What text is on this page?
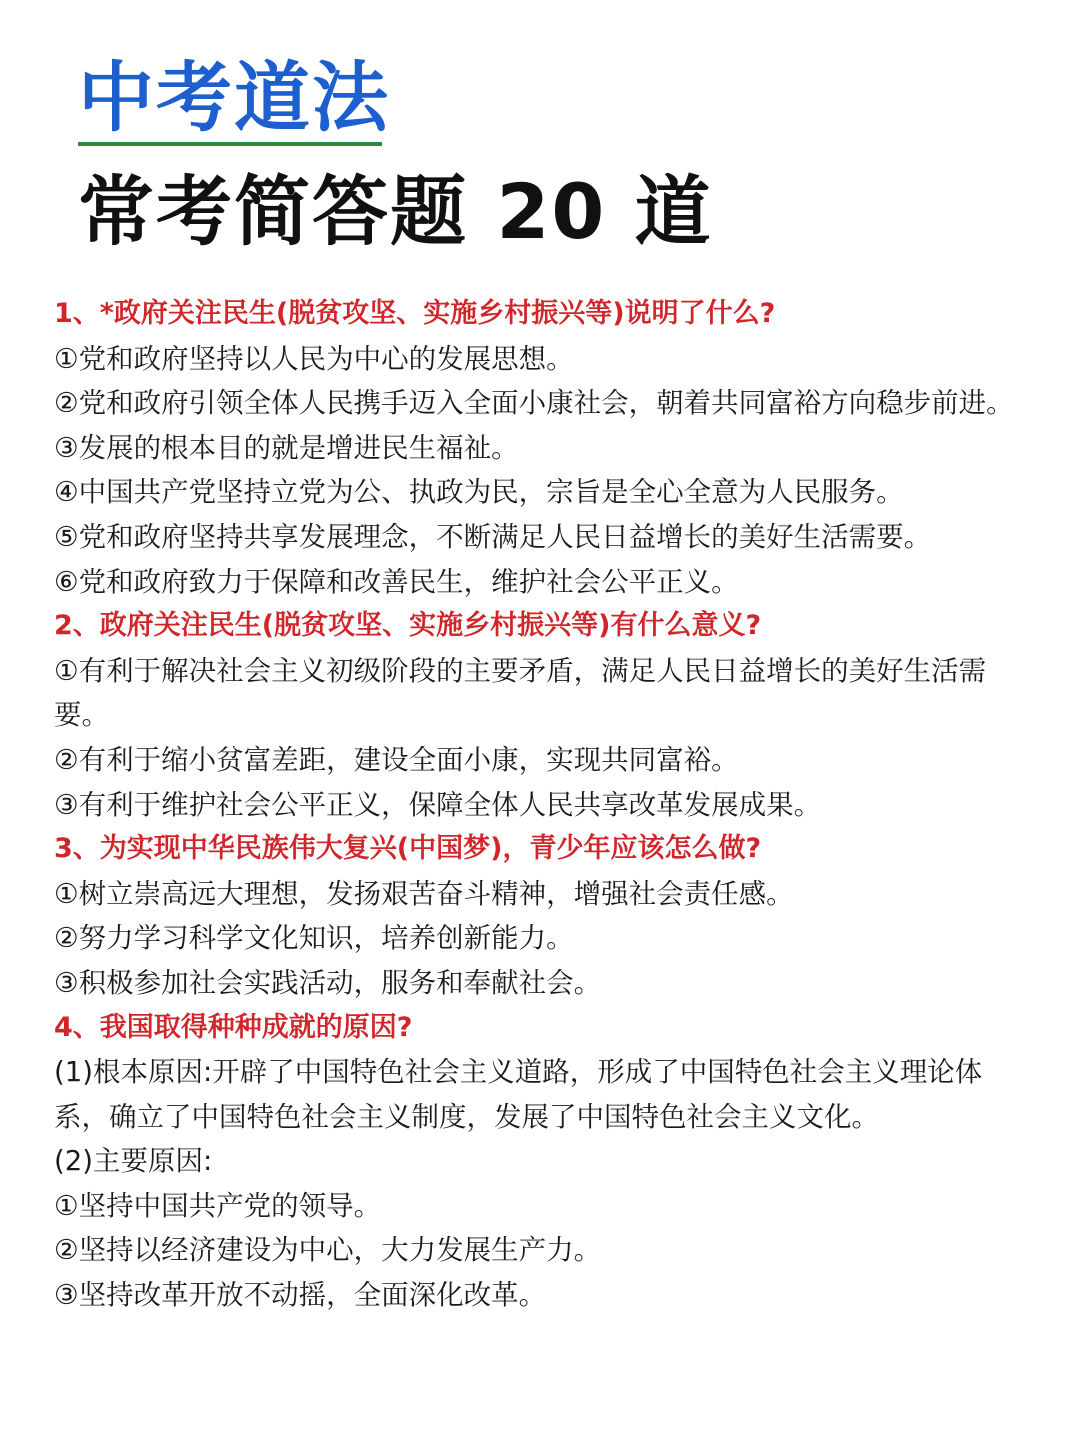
中考道法
常考简答题 20 道
1、*政府关注民生(脱贫攻坚、实施乡村振兴等)说明了什么?

①党和政府坚持以人民为中心的发展思想。

②党和政府引领全体人民携手迈入全面小康社会，朝着共同富裕方向稳步前进。

③发展的根本目的就是增进民生福祉。

④中国共产党坚持立党为公、执政为民，宗旨是全心全意为人民服务。

⑤党和政府坚持共享发展理念，不断满足人民日益增长的美好生活需要。

⑥党和政府致力于保障和改善民生，维护社会公平正义。

2、政府关注民生(脱贫攻坚、实施乡村振兴等)有什么意义?

①有利于解决社会主义初级阶段的主要矛盾，满足人民日益增长的美好生活需要。

②有利于缩小贫富差距，建设全面小康，实现共同富裕。

③有利于维护社会公平正义，保障全体人民共享改革发展成果。

3、为实现中华民族伟大复兴(中国梦)，青少年应该怎么做?

①树立崇高远大理想，发扬艰苦奋斗精神，增强社会责任感。

②努力学习科学文化知识，培养创新能力。

③积极参加社会实践活动，服务和奉献社会。

4、我国取得种种成就的原因?

(1)根本原因:开辟了中国特色社会主义道路，形成了中国特色社会主义理论体系，确立了中国特色社会主义制度，发展了中国特色社会主义文化。

(2)主要原因:

①坚持中国共产党的领导。

②坚持以经济建设为中心，大力发展生产力。

③坚持改革开放不动摇，全面深化改革。
